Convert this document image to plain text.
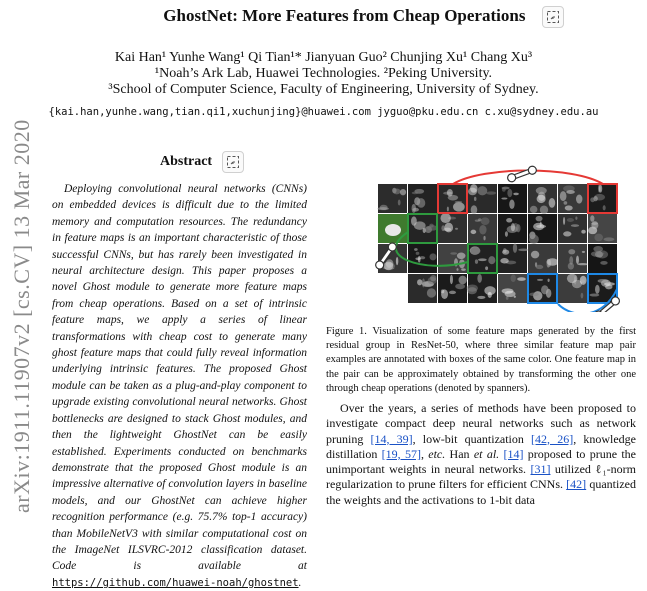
arXiv:1911.11907v2 [cs.CV] 13 Mar 2020
GhostNet: More Features from Cheap Operations
Kai Han¹ Yunhe Wang¹ Qi Tian¹* Jianyuan Guo² Chunjing Xu¹ Chang Xu³
¹Noah’s Ark Lab, Huawei Technologies. ²Peking University.
³School of Computer Science, Faculty of Engineering, University of Sydney.
{kai.han,yunhe.wang,tian.qi1,xuchunjing}@huawei.com jyguo@pku.edu.cn c.xu@sydney.edu.au
Abstract
Deploying convolutional neural networks (CNNs) on embedded devices is difficult due to the limited memory and computation resources. The redundancy in feature maps is an important characteristic of those successful CNNs, but has rarely been investigated in neural architecture design. This paper proposes a novel Ghost module to generate more feature maps from cheap operations. Based on a set of intrinsic feature maps, we apply a series of linear transformations with cheap cost to generate many ghost feature maps that could fully reveal information underlying intrinsic features. The proposed Ghost module can be taken as a plug-and-play component to upgrade existing convolutional neural networks. Ghost bottlenecks are designed to stack Ghost modules, and then the lightweight GhostNet can be easily established. Experiments conducted on benchmarks demonstrate that the proposed Ghost module is an impressive alternative of convolution layers in baseline models, and our GhostNet can achieve higher recognition performance (e.g. 75.7% top-1 accuracy) than MobileNetV3 with similar computational cost on the ImageNet ILSVRC-2012 classification dataset. Code is available at https://github.com/huawei-noah/ghostnet.
Figure 1. Visualization of some feature maps generated by the first residual group in ResNet-50, where three similar feature map pair examples are annotated with boxes of the same color. One feature map in the pair can be approximately obtained by transforming the other one through cheap operations (denoted by spanners).
Over the years, a series of methods have been proposed to investigate compact deep neural networks such as network pruning [14, 39], low-bit quantization [42, 26], knowledge distillation [19, 57], etc. Han et al. [14] proposed to prune the unimportant weights in neural networks. [31] utilized ℓ₁-norm regularization to prune filters for efficient CNNs. [42] quantized the weights and the activations to 1-bit data
